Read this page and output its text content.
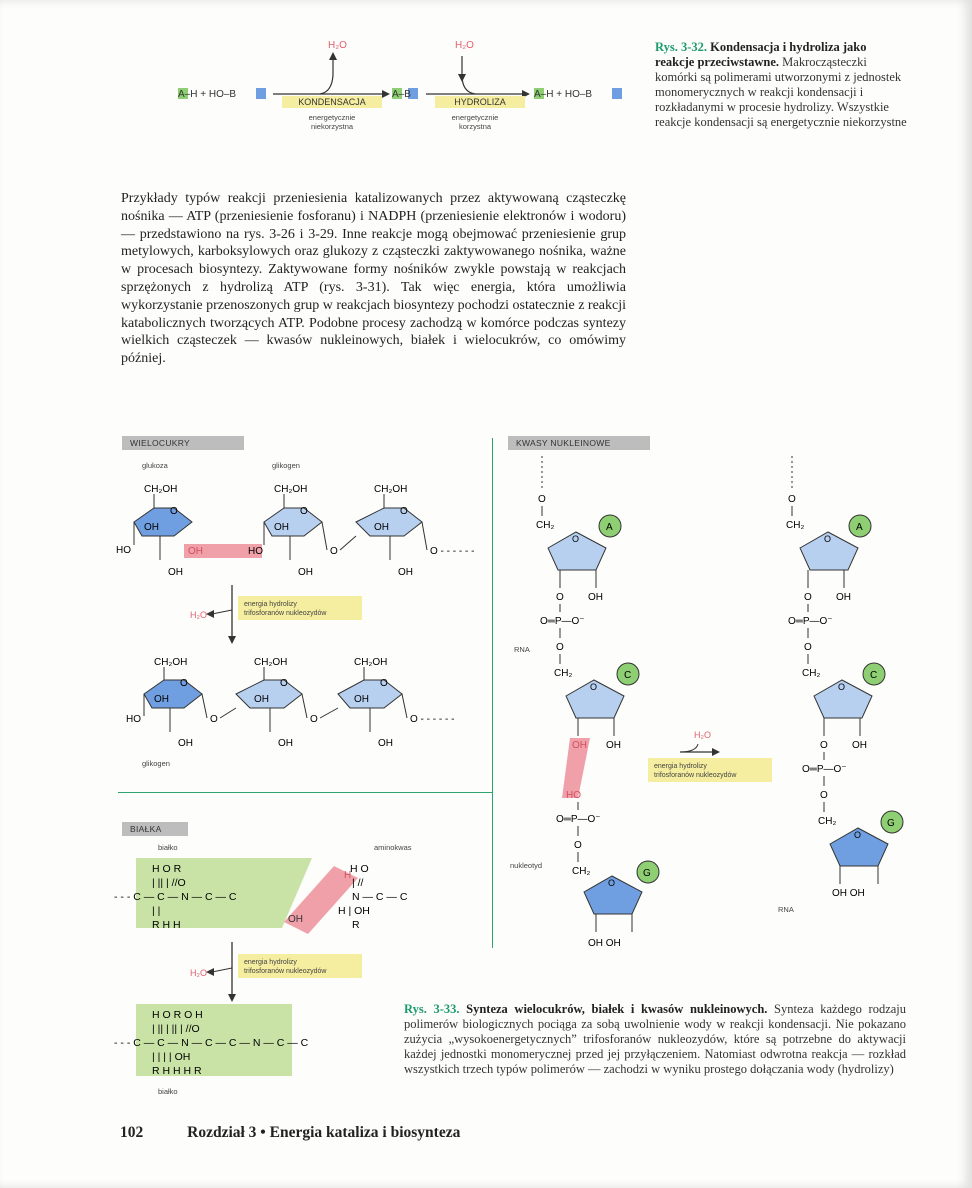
H₂O	H₂O
A–H + HO–B
KONDENSACJA
energetycznie
niekorzystna
A–B
HYDROLIZA
energetycznie
korzystna
A–H + HO–B
Rys. 3-32. Kondensacja i hydroliza jako reakcje przeciwstawne. Makrocząsteczki komórki są polimerami utworzonymi z jednostek monomerycznych w reakcji kondensacji i rozkładanymi w procesie hydrolizy. Wszystkie reakcje kondensacji są energetycznie niekorzystne
Przykłady typów reakcji przeniesienia katalizowanych przez aktywowaną cząsteczkę nośnika — ATP (przeniesienie fosforanu) i NADPH (przeniesienie elektronów i wodoru) — przedstawiono na rys. 3-26 i 3-29. Inne reakcje mogą obejmować przeniesienie grup metylowych, karboksylowych oraz glukozy z cząsteczki zaktywowanego nośnika, ważne w procesach biosyntezy. Zaktywowane formy nośników zwykle powstają w reakcjach sprzężonych z hydrolizą ATP (rys. 3-31). Tak więc energia, która umożliwia wykorzystanie przenoszonych grup w reakcjach biosyntezy pochodzi ostatecznie z reakcji katabolicznych tworzących ATP. Podobne procesy zachodzą w komórce podczas syntezy wielkich cząsteczek — kwasów nukleinowych, białek i wielocukrów, co omówimy później.
WIELOCUKRY
glukoza	glikogen
CH₂OH
O
OH
HO
OH
OH	HO
CH₂OH
O
OH
OH
O
CH₂OH
O
OH
OH
O - - - - - -
H₂O
energia hydrolizy
trifosforanów nukleozydów
CH₂OH
O
OH
HO
OH
O
CH₂OH
O
OH
OH
O
CH₂OH
O
OH
OH
O - - - - - -
glikogen
BIAŁKA
białko	aminokwas
H O R
| || | //O
- - - C — C — N — C — C
| |
R H H	OH
H
H O
| //
N — C — C
H | OH
R
H₂O
energia hydrolizy
trifosforanów nukleozydów
H O R O H
| || | || | //O
- - - C — C — N — C — C — N — C — C
| | | | OH
R H H H R
białko
KWASY NUKLEINOWE
O
CH₂
O
A
O OH
O═P—O⁻
RNA	O
CH₂
O
C
OH OH
HO
O═P—O⁻
nukleotyd
O
CH₂
O
G
OH OH
H₂O
energia hydrolizy
trifosforanów nukleozydów
O
CH₂
O
A
O OH
O═P—O⁻
O
CH₂
O
C
O OH
O═P—O⁻
O
CH₂
O
G
OH OH
RNA
Rys. 3-33. Synteza wielocukrów, białek i kwasów nukleinowych. Synteza każdego rodzaju polimerów biologicznych pociąga za sobą uwolnienie wody w reakcji kondensacji. Nie pokazano zużycia „wysokoenergetycznych” trifosforanów nukleozydów, które są potrzebne do aktywacji każdej jednostki monomerycznej przed jej przyłączeniem. Natomiast odwrotna reakcja — rozkład wszystkich trzech typów polimerów — zachodzi w wyniku prostego dołączania wody (hydrolizy)
102	Rozdział 3 • Energia kataliza i biosynteza
